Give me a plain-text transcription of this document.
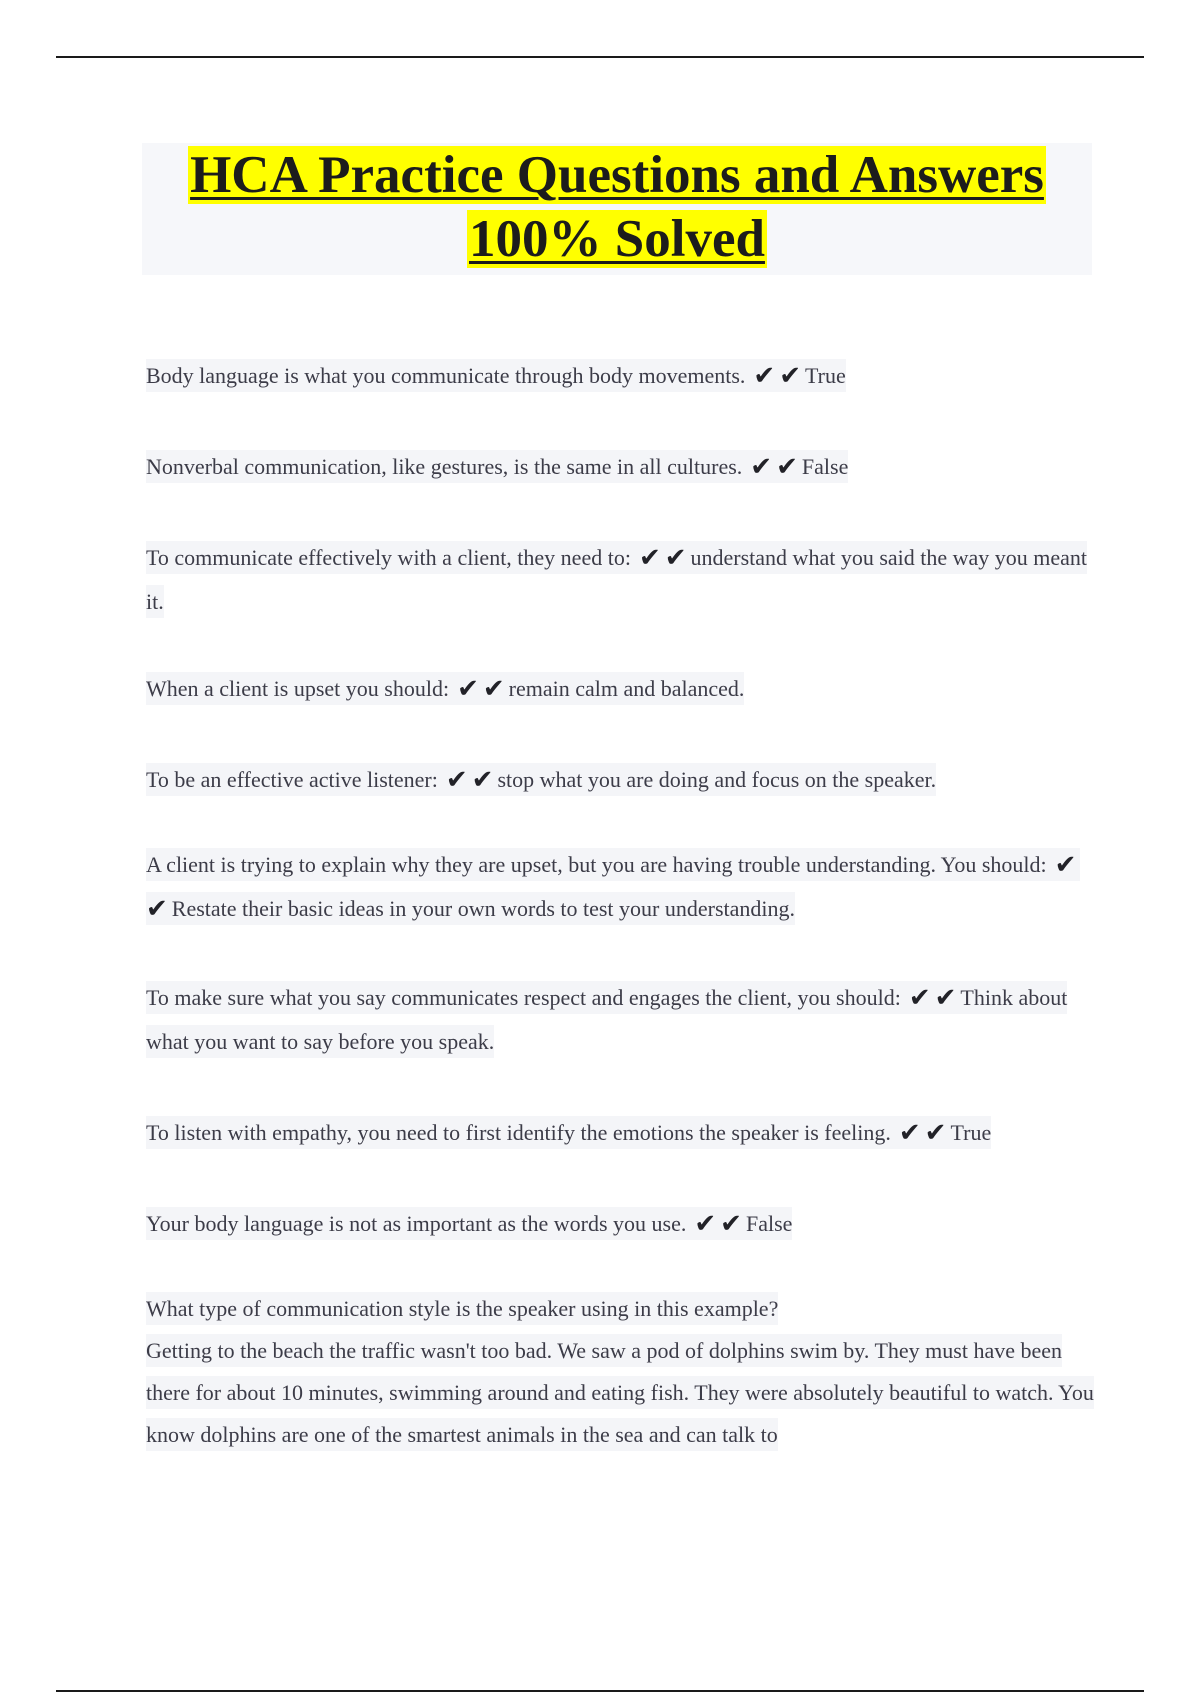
HCA Practice Questions and Answers
100% Solved
Body language is what you communicate through body movements. ✔ ✔ True
Nonverbal communication, like gestures, is the same in all cultures. ✔ ✔ False
To communicate effectively with a client, they need to: ✔ ✔ understand what you said the way you meant it.
When a client is upset you should: ✔ ✔ remain calm and balanced.
To be an effective active listener: ✔ ✔ stop what you are doing and focus on the speaker.
A client is trying to explain why they are upset, but you are having trouble understanding. You should: ✔✔ Restate their basic ideas in your own words to test your understanding.
To make sure what you say communicates respect and engages the client, you should: ✔ ✔ Think about what you want to say before you speak.
To listen with empathy, you need to first identify the emotions the speaker is feeling. ✔ ✔ True
Your body language is not as important as the words you use. ✔ ✔ False
What type of communication style is the speaker using in this example?
Getting to the beach the traffic wasn't too bad. We saw a pod of dolphins swim by. They must have been there for about 10 minutes, swimming around and eating fish. They were absolutely beautiful to watch. You know dolphins are one of the smartest animals in the sea and can talk to
